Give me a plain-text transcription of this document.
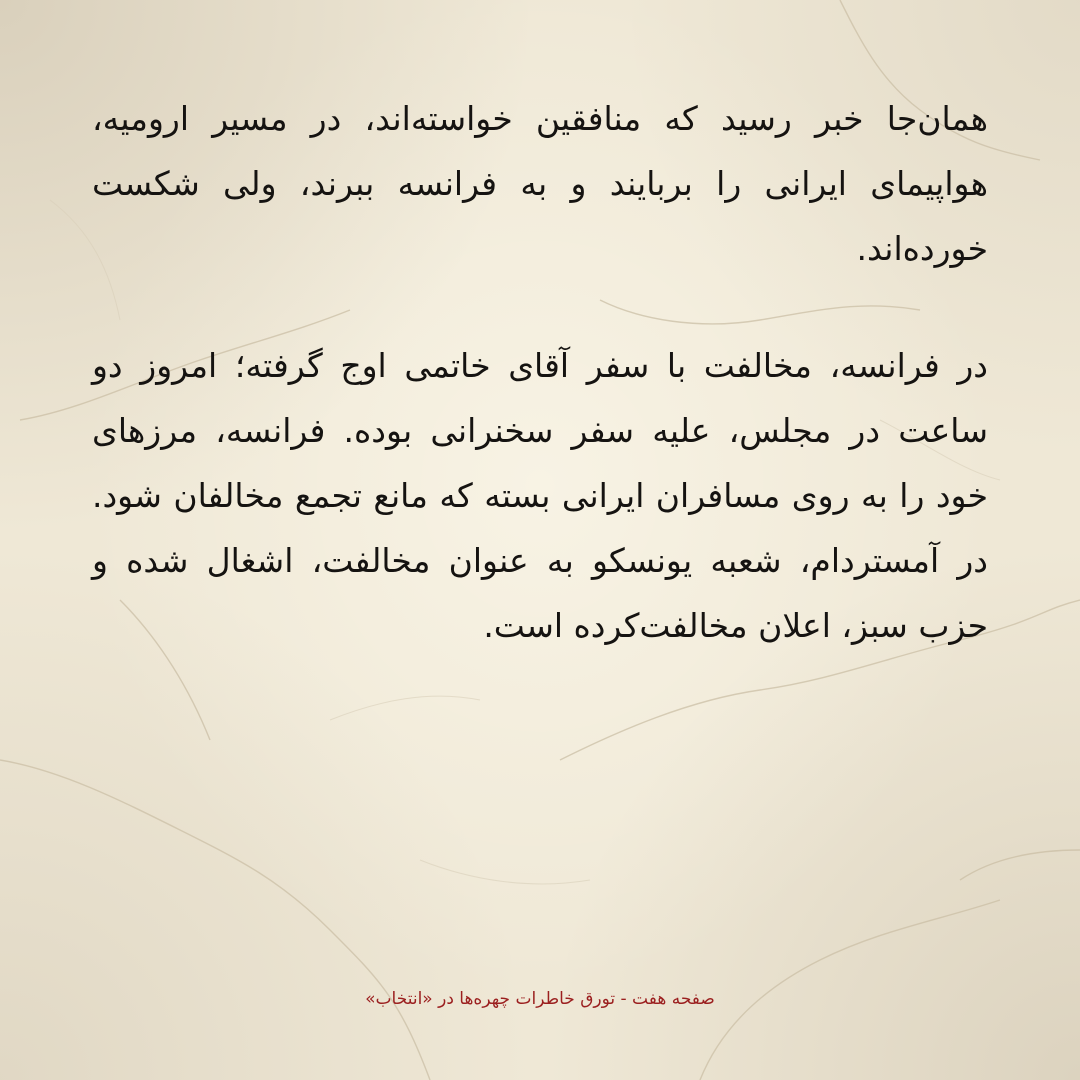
همان‌جا خبر رسید که منافقین خواسته‌اند، در مسیر ارومیه، هواپیمای ایرانی را بربایند و به فرانسه ببرند، ولی شکست خورده‌اند.

در فرانسه، مخالفت با سفر آقای خاتمی اوج گرفته؛ امروز دو ساعت در مجلس، علیه سفر سخنرانی بوده. فرانسه، مرزهای خود را به روی مسافران ایرانی بسته که مانع تجمع مخالفان شود. در آمستردام، شعبه یونسکو به عنوان مخالفت، اشغال شده و حزب سبز، اعلان مخالفت‌کرده است.

صفحه هفت - تورق خاطرات چهره‌ها در «انتخاب»
